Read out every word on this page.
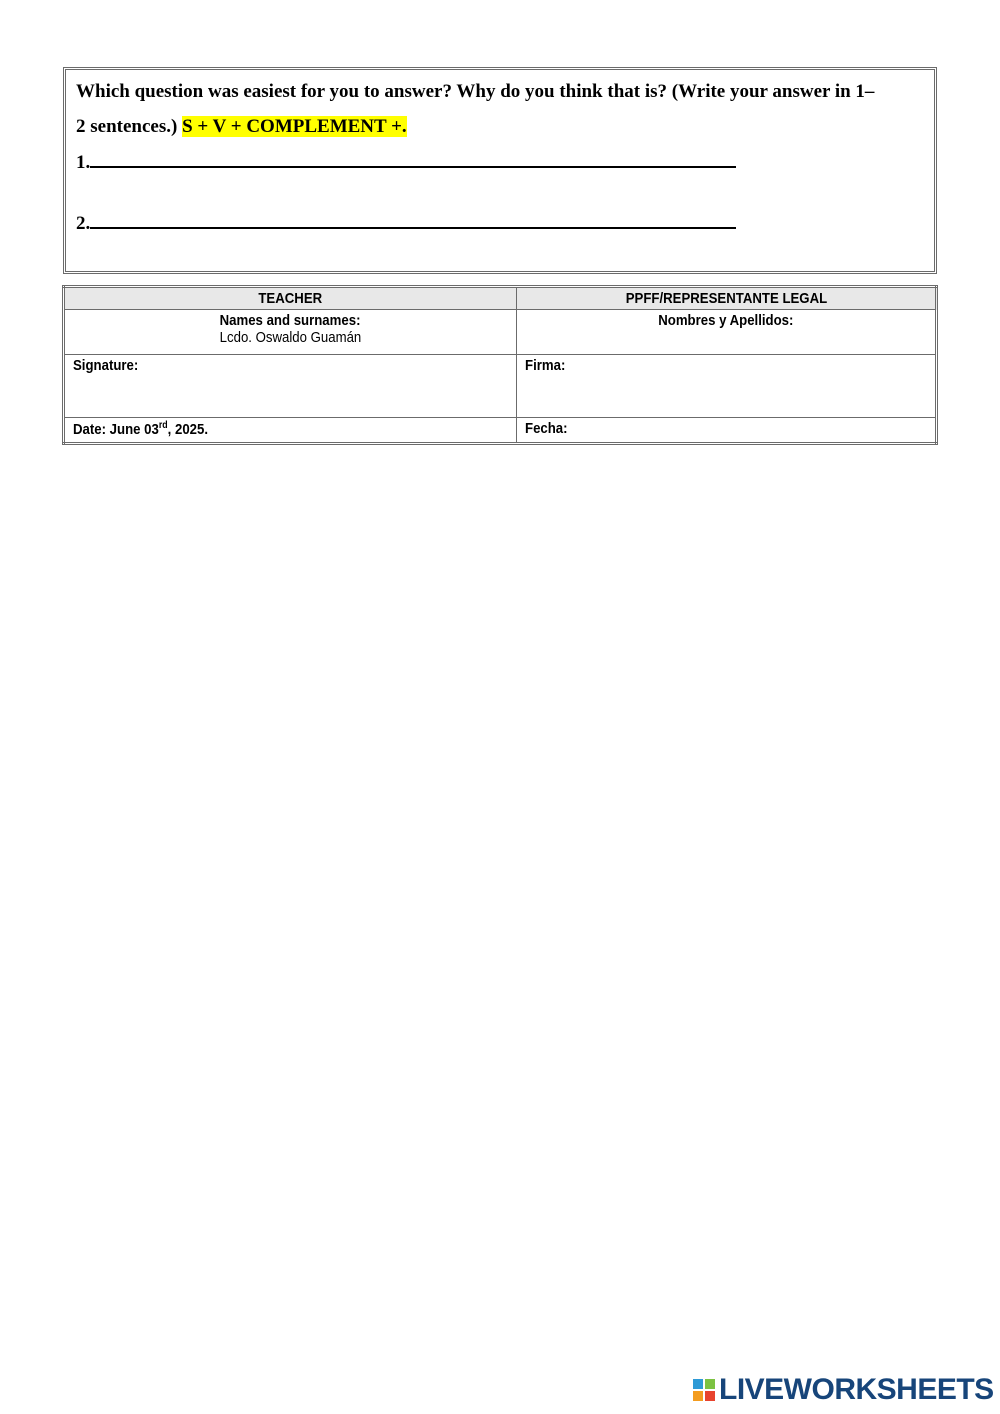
Which question was easiest for you to answer? Why do you think that is? (Write your answer in 1–
2 sentences.) S + V + COMPLEMENT +.
1.
2.
TEACHER	PPFF/REPRESENTANTE LEGAL

Names and surnames:
Lcdo. Oswaldo Guamán	Nombres y Apellidos:
Signature:	Firma:
Date: June 03rd, 2025.	Fecha:
LIVEWORKSHEETS
